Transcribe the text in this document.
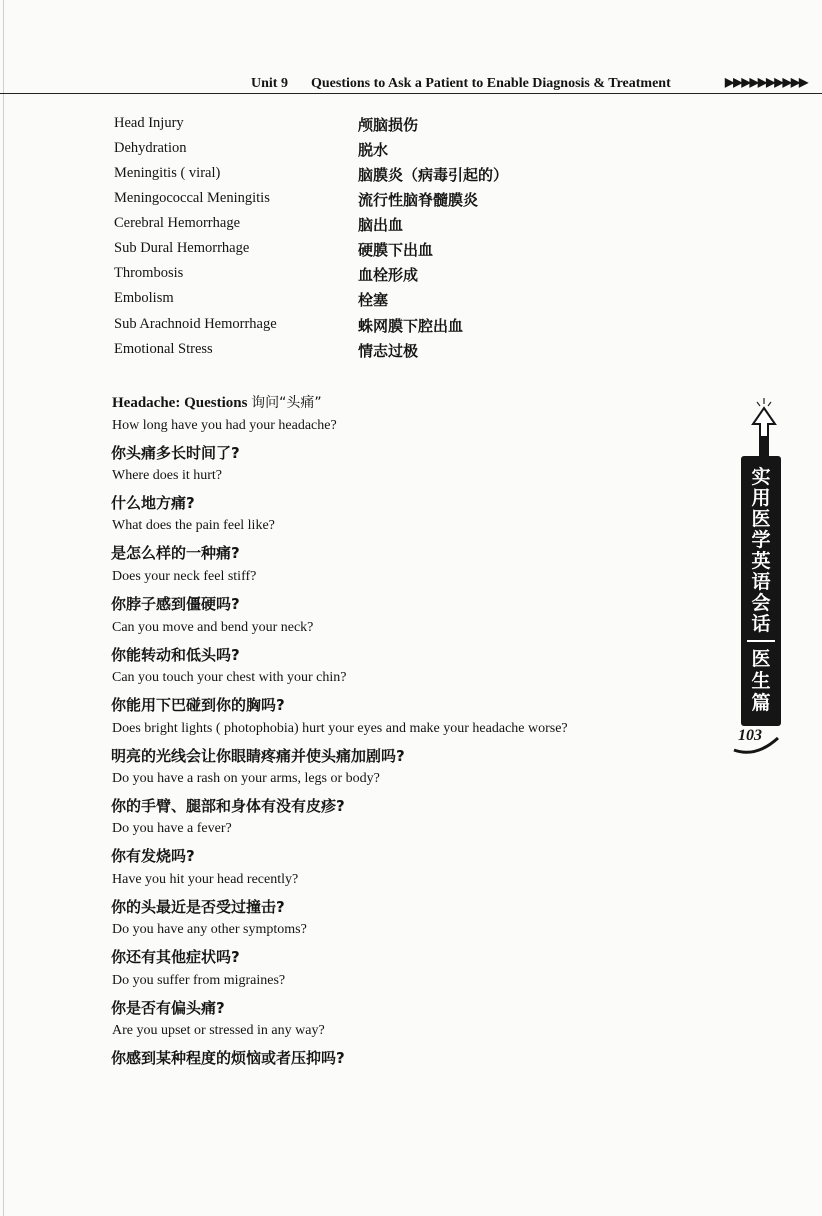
Unit 9 Questions to Ask a Patient to Enable Diagnosis & Treatment	▶▶▶▶▶▶▶▶▶▶
Head Injury	颅脑损伤
Dehydration	脱水
Meningitis ( viral)	脑膜炎（病毒引起的）
Meningococcal Meningitis	流行性脑脊髓膜炎
Cerebral Hemorrhage	脑出血
Sub Dural Hemorrhage	硬膜下出血
Thrombosis	血栓形成
Embolism	栓塞
Sub Arachnoid Hemorrhage	蛛网膜下腔出血
Emotional Stress	情志过极
Headache: Questions 询问“头痛”
How long have you had your headache?
你头痛多长时间了?
Where does it hurt?
什么地方痛?
What does the pain feel like?
是怎么样的一种痛?
Does your neck feel stiff?
你脖子感到僵硬吗?
Can you move and bend your neck?
你能转动和低头吗?
Can you touch your chest with your chin?
你能用下巴碰到你的胸吗?
Does bright lights ( photophobia) hurt your eyes and make your headache worse?
明亮的光线会让你眼睛疼痛并使头痛加剧吗?
Do you have a rash on your arms, legs or body?
你的手臂、腿部和身体有没有皮疹?
Do you have a fever?
你有发烧吗?
Have you hit your head recently?
你的头最近是否受过撞击?
Do you have any other symptoms?
你还有其他症状吗?
Do you suffer from migraines?
你是否有偏头痛?
Are you upset or stressed in any way?
你感到某种程度的烦恼或者压抑吗?
实
用
医
学
英
语
会
话
医
生
篇
103
